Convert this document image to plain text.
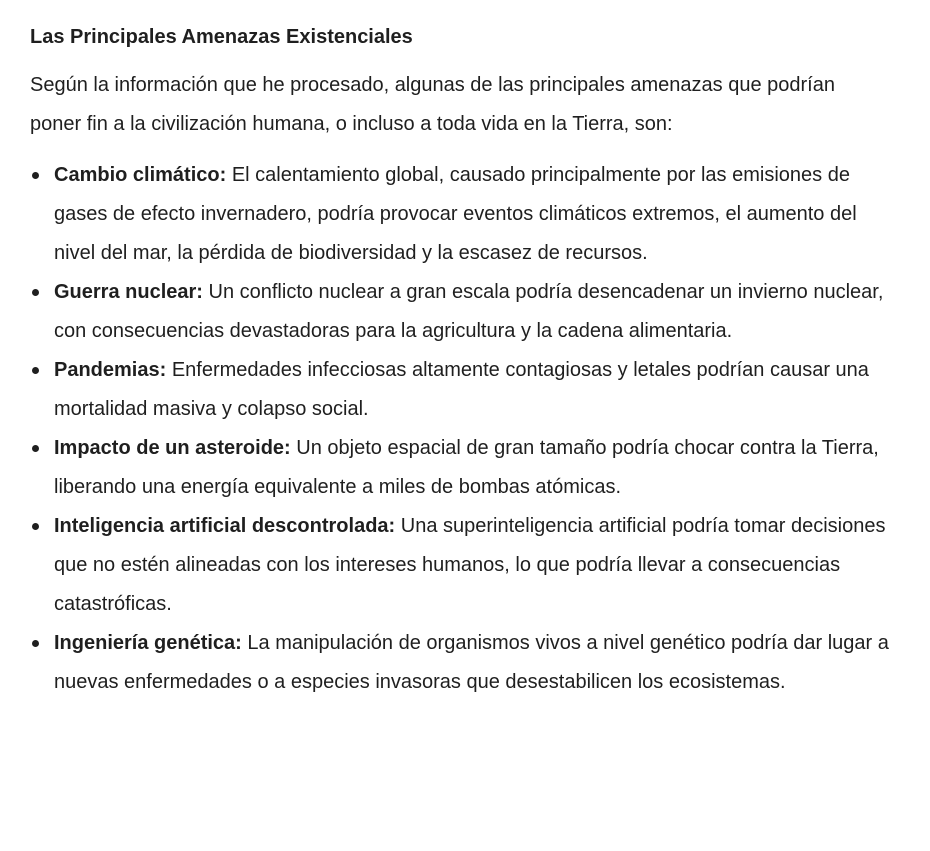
Las Principales Amenazas Existenciales

Según la información que he procesado, algunas de las principales amenazas que podrían poner fin a la civilización humana, o incluso a toda vida en la Tierra, son:

Cambio climático: El calentamiento global, causado principalmente por las emisiones de gases de efecto invernadero, podría provocar eventos climáticos extremos, el aumento del nivel del mar, la pérdida de biodiversidad y la escasez de recursos.
Guerra nuclear: Un conflicto nuclear a gran escala podría desencadenar un invierno nuclear, con consecuencias devastadoras para la agricultura y la cadena alimentaria.
Pandemias: Enfermedades infecciosas altamente contagiosas y letales podrían causar una mortalidad masiva y colapso social.
Impacto de un asteroide: Un objeto espacial de gran tamaño podría chocar contra la Tierra, liberando una energía equivalente a miles de bombas atómicas.
Inteligencia artificial descontrolada: Una superinteligencia artificial podría tomar decisiones que no estén alineadas con los intereses humanos, lo que podría llevar a consecuencias catastróficas.
Ingeniería genética: La manipulación de organismos vivos a nivel genético podría dar lugar a nuevas enfermedades o a especies invasoras que desestabilicen los ecosistemas.
